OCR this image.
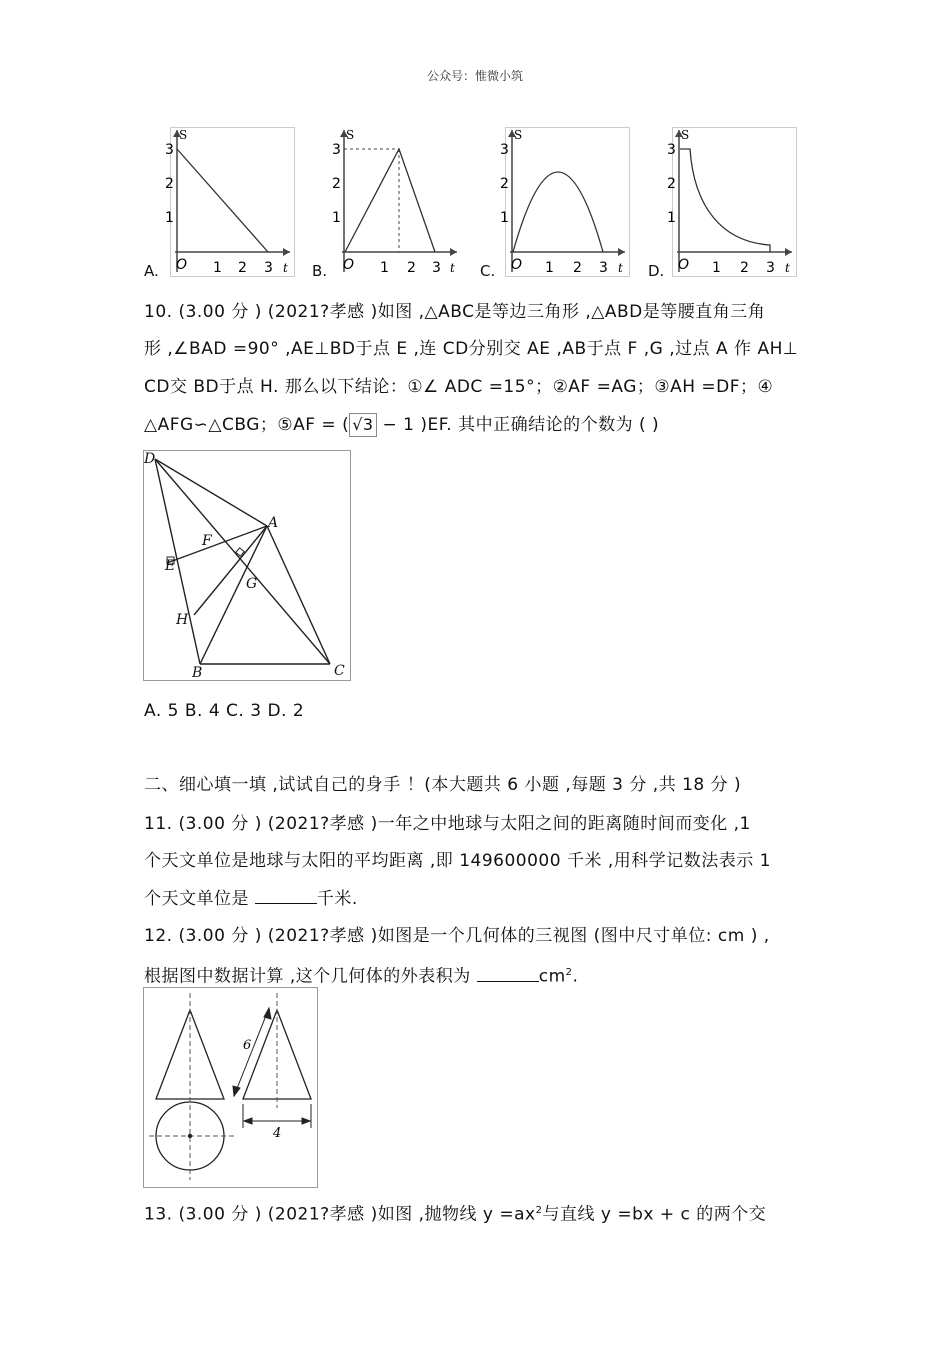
公众号：惟微小筑
A.
S
t
O 1 2 3
1
2
3
B.
S
t
O 1 2 3
1
2
3
C.
S
t
O 1 2 3
1
2
3
D.
S
t
O 1 2 3
1
2
3
10. (3.00 分 ) (2021?孝感 )如图 ,△ABC是等边三角形 ,△ABD是等腰直角三角
形 ,∠BAD =90° ,AE⊥BD于点 E ,连 CD分别交 AE ,AB于点 F ,G ,过点 A 作 AH⊥
CD交 BD于点 H. 那么以下结论：①∠ ADC =15°；②AF =AG；③AH =DF；④
△AFG∽△CBG；⑤AF = ( √3 − 1 )EF. 其中正确结论的个数为 ( )
D
A
F
E
G
H
B	C
A. 5 B. 4 C. 3 D. 2
二、细心填一填 ,试试自己的身手 ！(本大题共 6 小题 ,每题 3 分 ,共 18 分 )
11. (3.00 分 ) (2021?孝感 )一年之中地球与太阳之间的距离随时间而变化 ,1
个天文单位是地球与太阳的平均距离 ,即 149600000 千米 ,用科学记数法表示 1
个天文单位是	千米.
12. (3.00 分 ) (2021?孝感 )如图是一个几何体的三视图 (图中尺寸单位: cm ) ,
根据图中数据计算 ,这个几何体的外表积为	$cm^2$.
6
4
13. (3.00 分 ) (2021?孝感 )如图 ,抛物线 $y =ax^2$与直线 y =bx + c 的两个交
